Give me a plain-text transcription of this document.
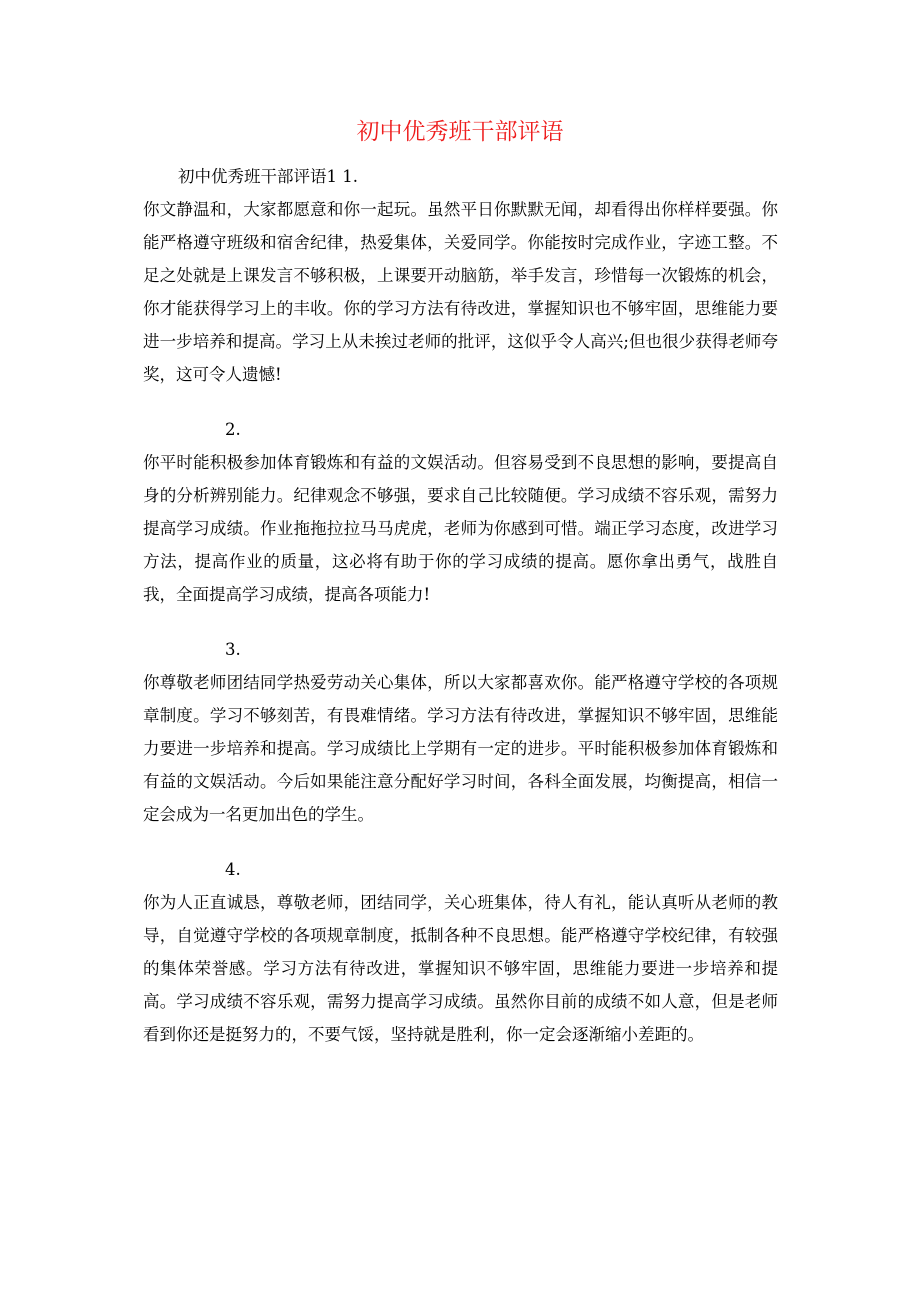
初中优秀班干部评语

初中优秀班干部评语1 1.

你文静温和，大家都愿意和你一起玩。虽然平日你默默无闻，却看得出你样样要强。你能严格遵守班级和宿舍纪律，热爱集体，关爱同学。你能按时完成作业，字迹工整。不足之处就是上课发言不够积极，上课要开动脑筋，举手发言，珍惜每一次锻炼的机会，你才能获得学习上的丰收。你的学习方法有待改进，掌握知识也不够牢固，思维能力要进一步培养和提高。学习上从未挨过老师的批评，这似乎令人高兴;但也很少获得老师夸奖，这可令人遗憾!

2.

你平时能积极参加体育锻炼和有益的文娱活动。但容易受到不良思想的影响，要提高自身的分析辨别能力。纪律观念不够强，要求自己比较随便。学习成绩不容乐观，需努力提高学习成绩。作业拖拖拉拉马马虎虎，老师为你感到可惜。端正学习态度，改进学习方法，提高作业的质量，这必将有助于你的学习成绩的提高。愿你拿出勇气，战胜自我，全面提高学习成绩，提高各项能力!

3.

你尊敬老师团结同学热爱劳动关心集体，所以大家都喜欢你。能严格遵守学校的各项规章制度。学习不够刻苦，有畏难情绪。学习方法有待改进，掌握知识不够牢固，思维能力要进一步培养和提高。学习成绩比上学期有一定的进步。平时能积极参加体育锻炼和有益的文娱活动。今后如果能注意分配好学习时间，各科全面发展，均衡提高，相信一定会成为一名更加出色的学生。

4.

你为人正直诚恳，尊敬老师，团结同学，关心班集体，待人有礼，能认真听从老师的教导，自觉遵守学校的各项规章制度，抵制各种不良思想。能严格遵守学校纪律，有较强的集体荣誉感。学习方法有待改进，掌握知识不够牢固，思维能力要进一步培养和提高。学习成绩不容乐观，需努力提高学习成绩。虽然你目前的成绩不如人意，但是老师看到你还是挺努力的，不要气馁，坚持就是胜利，你一定会逐渐缩小差距的。
